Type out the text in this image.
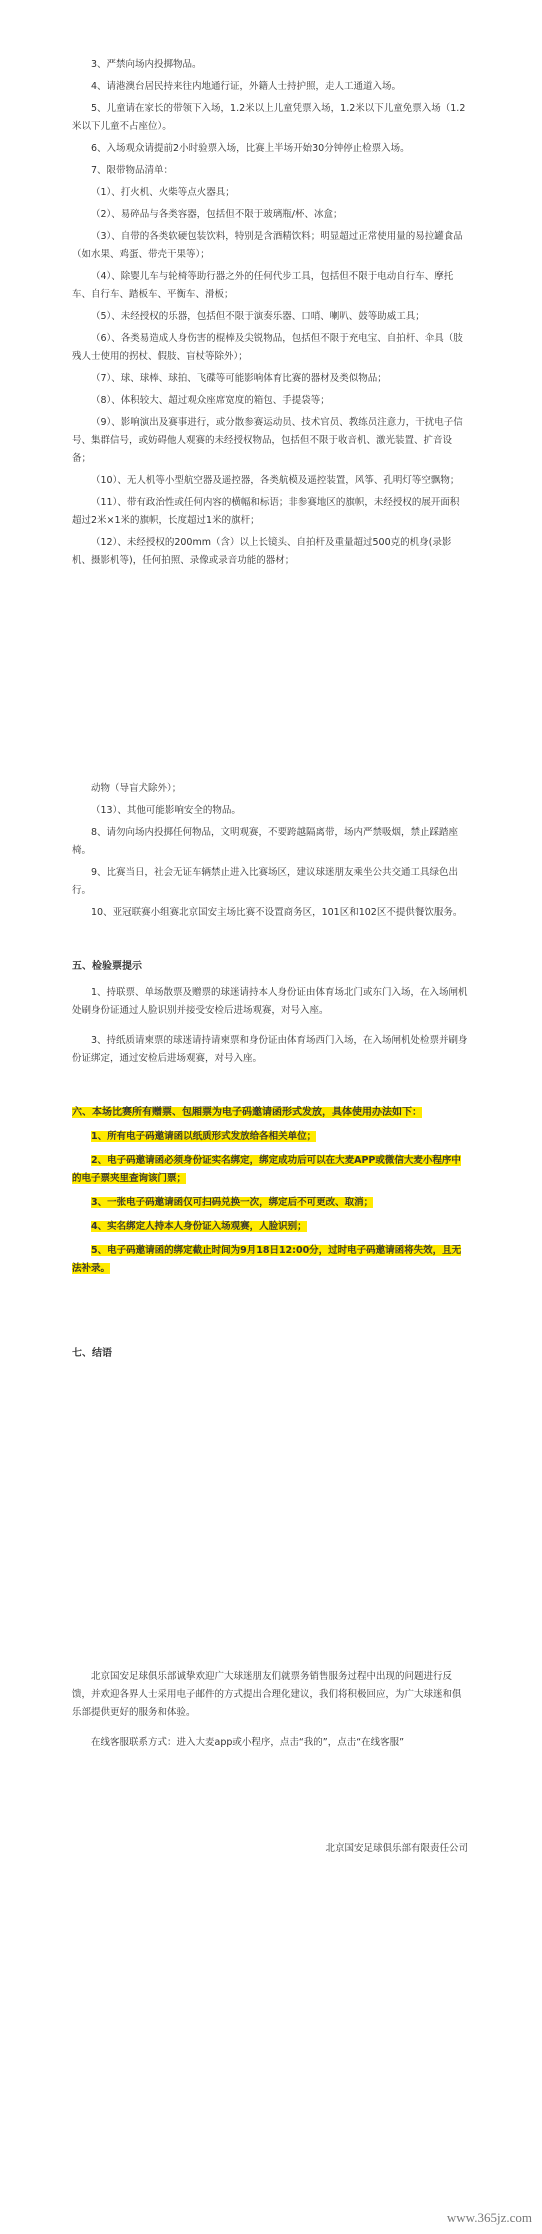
3、严禁向场内投掷物品。

4、请港澳台居民持来往内地通行证，外籍人士持护照，走人工通道入场。

5、儿童请在家长的带领下入场，1.2米以上儿童凭票入场，1.2米以下儿童免票入场（1.2米以下儿童不占座位）。

6、入场观众请提前2小时验票入场，比赛上半场开始30分钟停止检票入场。

7、限带物品清单：

（1）、打火机、火柴等点火器具；

（2）、易碎品与各类容器，包括但不限于玻璃瓶/杯、冰盒；

（3）、自带的各类软硬包装饮料，特别是含酒精饮料；明显超过正常使用量的易拉罐食品（如水果、鸡蛋、带壳干果等）；

（4）、除婴儿车与轮椅等助行器之外的任何代步工具，包括但不限于电动自行车、摩托车、自行车、踏板车、平衡车、滑板；

（5）、未经授权的乐器，包括但不限于演奏乐器、口哨、喇叭、鼓等助威工具；

（6）、各类易造成人身伤害的棍棒及尖锐物品，包括但不限于充电宝、自拍杆、伞具（肢残人士使用的拐杖、假肢、盲杖等除外）；

（7）、球、球棒、球拍、飞碟等可能影响体育比赛的器材及类似物品；

（8）、体积较大、超过观众座席宽度的箱包、手提袋等；

（9）、影响演出及赛事进行，或分散参赛运动员、技术官员、教练员注意力，干扰电子信号、集群信号，或妨碍他人观赛的未经授权物品，包括但不限于收音机、激光装置、扩音设备；

（10）、无人机等小型航空器及遥控器，各类航模及遥控装置，风筝、孔明灯等空飘物；

（11）、带有政治性或任何内容的横幅和标语；非参赛地区的旗帜，未经授权的展开面积超过2米×1米的旗帜，长度超过1米的旗杆；

（12）、未经授权的200mm（含）以上长镜头、自拍杆及重量超过500克的机身(录影机、摄影机等)，任何拍照、录像或录音功能的器材；

动物（导盲犬除外）；

（13）、其他可能影响安全的物品。

8、请勿向场内投掷任何物品，文明观赛，不要跨越隔离带，场内严禁吸烟，禁止踩踏座椅。

9、比赛当日，社会无证车辆禁止进入比赛场区，建议球迷朋友乘坐公共交通工具绿色出行。

10、亚冠联赛小组赛北京国安主场比赛不设置商务区，101区和102区不提供餐饮服务。

五、检验票提示

1、持联票、单场散票及赠票的球迷请持本人身份证由体育场北门或东门入场，在入场闸机处刷身份证通过人脸识别并接受安检后进场观赛，对号入座。

3、持纸质请柬票的球迷请持请柬票和身份证由体育场西门入场，在入场闸机处检票并刷身份证绑定，通过安检后进场观赛，对号入座。

六、本场比赛所有赠票、包厢票为电子码邀请函形式发放，具体使用办法如下：

1、所有电子码邀请函以纸质形式发放给各相关单位；

2、电子码邀请函必须身份证实名绑定，绑定成功后可以在大麦APP或微信大麦小程序中的电子票夹里查询该门票；

3、一张电子码邀请函仅可扫码兑换一次，绑定后不可更改、取消；

4、实名绑定人持本人身份证入场观赛，人脸识别；

5、电子码邀请函的绑定截止时间为9月18日12:00分，过时电子码邀请函将失效，且无法补录。

七、结语

北京国安足球俱乐部诚挚欢迎广大球迷朋友们就票务销售服务过程中出现的问题进行反馈，并欢迎各界人士采用电子邮件的方式提出合理化建议，我们将积极回应，为广大球迷和俱乐部提供更好的服务和体验。

在线客服联系方式：进入大麦app或小程序，点击“我的”，点击“在线客服”

北京国安足球俱乐部有限责任公司

www.365jz.com
